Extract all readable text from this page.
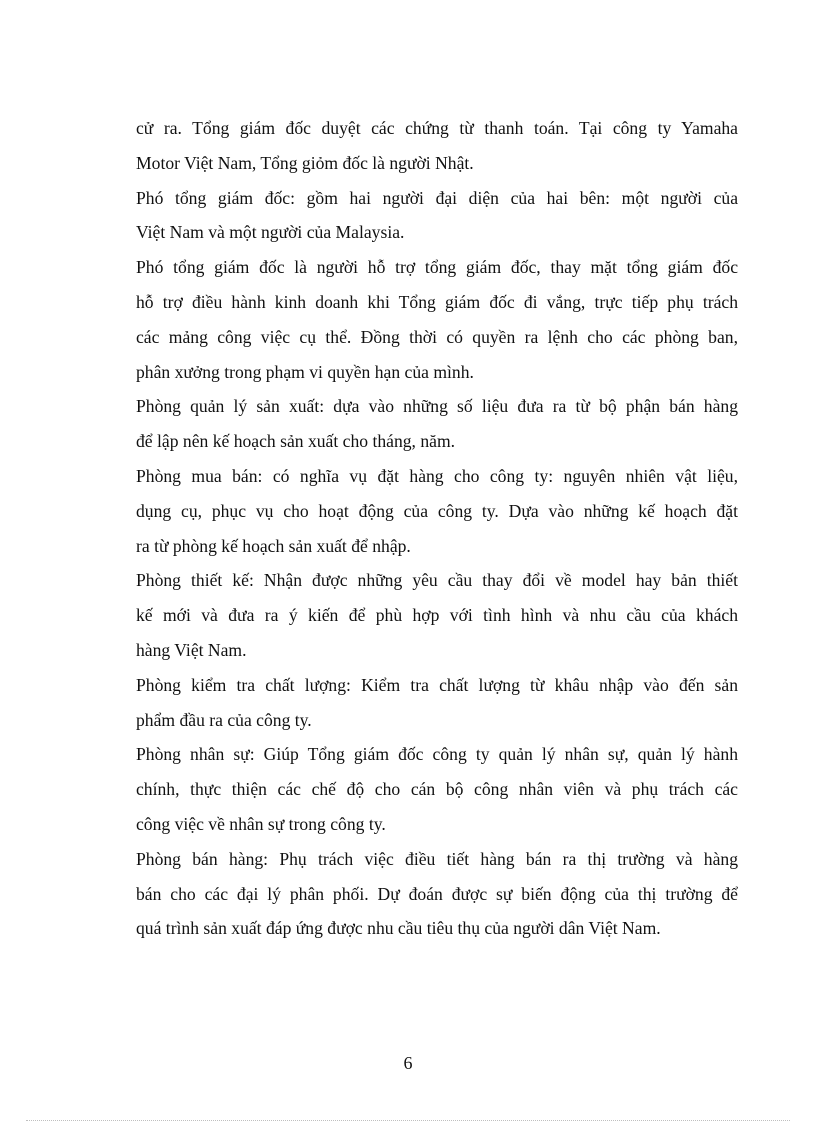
cử ra. Tổng giám đốc duyệt các chứng từ thanh toán. Tại công ty Yamaha
Motor Việt Nam, Tổng giỏm đốc là người Nhật.
Phó tổng giám đốc: gồm hai người đại diện của hai bên: một người của
Việt Nam và một người của Malaysia.
Phó tổng giám đốc là người hỗ trợ tổng giám đốc, thay mặt tổng giám đốc
hỗ trợ điều hành kinh doanh khi Tổng giám đốc đi vắng, trực tiếp phụ trách
các mảng công việc cụ thể. Đồng thời có quyền ra lệnh cho các phòng ban,
phân xưởng trong phạm vi quyền hạn của mình.
Phòng quản lý sản xuất: dựa vào những số liệu đưa ra từ bộ phận bán hàng
để lập nên kế hoạch sản xuất cho tháng, năm.
Phòng mua bán: có nghĩa vụ đặt hàng cho công ty: nguyên nhiên vật liệu,
dụng cụ, phục vụ cho hoạt động của công ty. Dựa vào những kế hoạch đặt
ra từ phòng kế hoạch sản xuất để nhập.
Phòng thiết kế: Nhận được những yêu cầu thay đổi về model hay bản thiết
kế mới và đưa ra ý kiến để phù hợp với tình hình và nhu cầu của khách
hàng Việt Nam.
Phòng kiểm tra chất lượng: Kiểm tra chất lượng từ khâu nhập vào đến sản
phẩm đầu ra của công ty.
Phòng nhân sự: Giúp Tổng giám đốc công ty quản lý nhân sự, quản lý hành
chính, thực thiện các chế độ cho cán bộ công nhân viên và phụ trách các
công việc về nhân sự trong công ty.
Phòng bán hàng: Phụ trách việc điều tiết hàng bán ra thị trường và hàng
bán cho các đại lý phân phối. Dự đoán được sự biến động của thị trường để
quá trình sản xuất đáp ứng được nhu cầu tiêu thụ của người dân Việt Nam.
6
